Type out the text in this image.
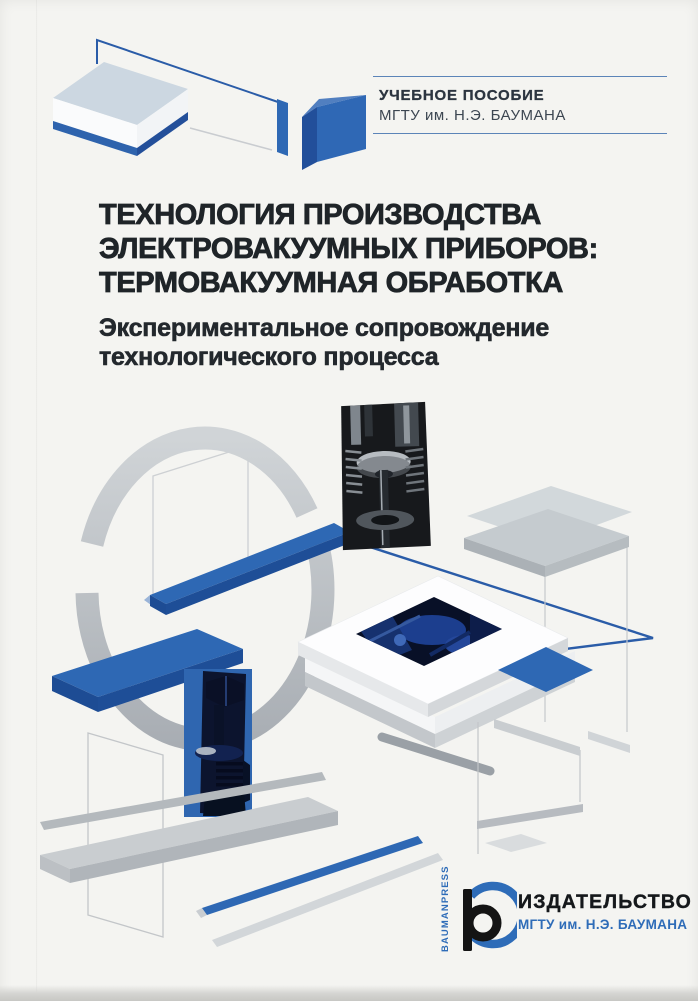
УЧЕБНОЕ ПОСОБИЕ
МГТУ им. Н.Э. БАУМАНА
ТЕХНОЛОГИЯ ПРОИЗВОДСТВА
ЭЛЕКТРОВАКУУМНЫХ ПРИБОРОВ:
ТЕРМОВАКУУМНАЯ ОБРАБОТКА
Экспериментальное сопровождение
технологического процесса
BAUMANPRESS	ИЗДАТЕЛЬСТВО
МГТУ им. Н.Э. БАУМАНА
